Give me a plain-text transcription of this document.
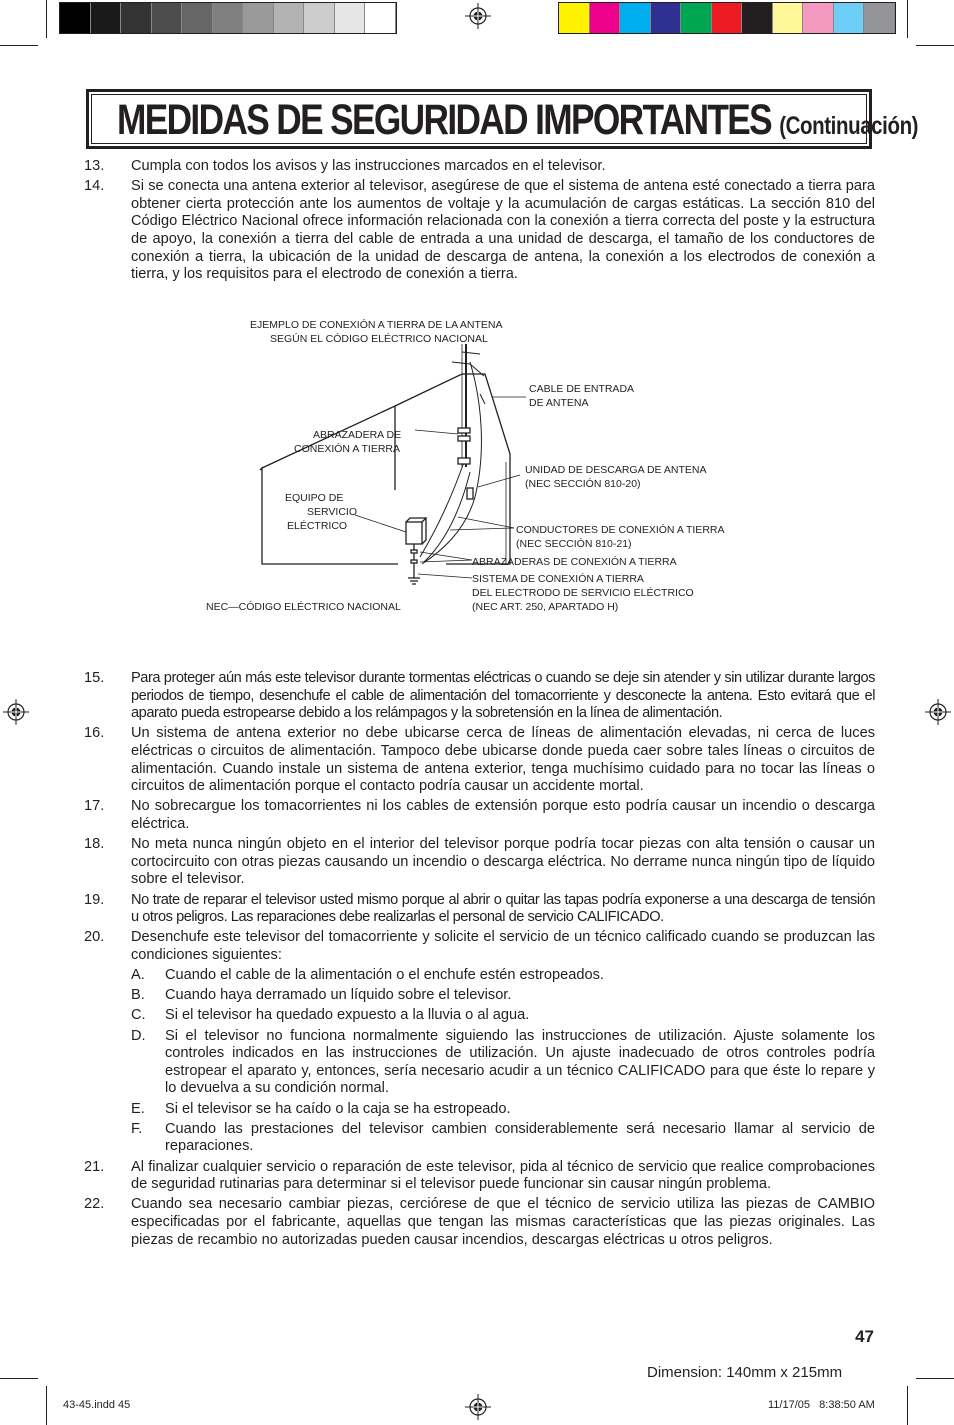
MEDIDAS DE SEGURIDAD IMPORTANTES (Continuación)
13. Cumpla con todos los avisos y las instrucciones marcados en el televisor.
14. Si se conecta una antena exterior al televisor, asegúrese de que el sistema de antena esté conectado a tierra para obtener cierta protección ante los aumentos de voltaje y la acumulación de cargas estáticas. La sección 810 del Código Eléctrico Nacional ofrece información relacionada con la conexión a tierra correcta del poste y la estructura de apoyo, la conexión a tierra del cable de entrada a una unidad de descarga, el tamaño de los conductores de conexión a tierra, la ubicación de la unidad de descarga de antena, la conexión a los electrodos de conexión a tierra, y los requisitos para el electrodo de conexión a tierra.
EJEMPLO DE CONEXIÓN A TIERRA DE LA ANTENA
SEGÚN EL CÓDIGO ELÉCTRICO NACIONAL
CABLE DE ENTRADA
DE ANTENA
ABRAZADERA DE
CONEXIÓN A TIERRA
UNIDAD DE DESCARGA DE ANTENA
(NEC SECCIÓN 810-20)
EQUIPO DE
SERVICIO
ELÉCTRICO	CONDUCTORES DE CONEXIÓN A TIERRA
(NEC SECCIÓN 810-21)
ABRAZADERAS DE CONEXIÓN A TIERRA
SISTEMA DE CONEXIÓN A TIERRA
DEL ELECTRODO DE SERVICIO ELÉCTRICO
(NEC ART. 250, APARTADO H)
NEC—CÓDIGO ELÉCTRICO NACIONAL
15. Para proteger aún más este televisor durante tormentas eléctricas o cuando se deje sin atender y sin utilizar durante largos periodos de tiempo, desenchufe el cable de alimentación del tomacorriente y desconecte la antena. Esto evitará que el aparato pueda estropearse debido a los relámpagos y la sobretensión en la línea de alimentación.
16. Un sistema de antena exterior no debe ubicarse cerca de líneas de alimentación elevadas, ni cerca de luces eléctricas o circuitos de alimentación. Tampoco debe ubicarse donde pueda caer sobre tales líneas o circuitos de alimentación. Cuando instale un sistema de antena exterior, tenga muchísimo cuidado para no tocar las líneas o circuitos de alimentación porque el contacto podría causar un accidente mortal.
17. No sobrecargue los tomacorrientes ni los cables de extensión porque esto podría causar un incendio o descarga eléctrica.
18. No meta nunca ningún objeto en el interior del televisor porque podría tocar piezas con alta tensión o causar un cortocircuito con otras piezas causando un incendio o descarga eléctrica. No derrame nunca ningún tipo de líquido sobre el televisor.
19. No trate de reparar el televisor usted mismo porque al abrir o quitar las tapas podría exponerse a una descarga de tensión u otros peligros. Las reparaciones debe realizarlas el personal de servicio CALIFICADO.
20. Desenchufe este televisor del tomacorriente y solicite el servicio de un técnico calificado cuando se produzcan las condiciones siguientes:
A. Cuando el cable de la alimentación o el enchufe estén estropeados.
B. Cuando haya derramado un líquido sobre el televisor.
C. Si el televisor ha quedado expuesto a la lluvia o al agua.
D. Si el televisor no funciona normalmente siguiendo las instrucciones de utilización. Ajuste solamente los controles indicados en las instrucciones de utilización. Un ajuste inadecuado de otros controles podría estropear el aparato y, entonces, sería necesario acudir a un técnico CALIFICADO para que éste lo repare y lo devuelva a su condición normal.
E. Si el televisor se ha caído o la caja se ha estropeado.
F. Cuando las prestaciones del televisor cambien considerablemente será necesario llamar al servicio de reparaciones.
21. Al finalizar cualquier servicio o reparación de este televisor, pida al técnico de servicio que realice comprobaciones de seguridad rutinarias para determinar si el televisor puede funcionar sin causar ningún problema.
22. Cuando sea necesario cambiar piezas, cerciórese de que el técnico de servicio utiliza las piezas de CAMBIO especificadas por el fabricante, aquellas que tengan las mismas características que las piezas originales. Las piezas de recambio no autorizadas pueden causar incendios, descargas eléctricas u otros peligros.
47
Dimension: 140mm x 215mm
43-45.indd 45	11/17/05   8:38:50 AM
